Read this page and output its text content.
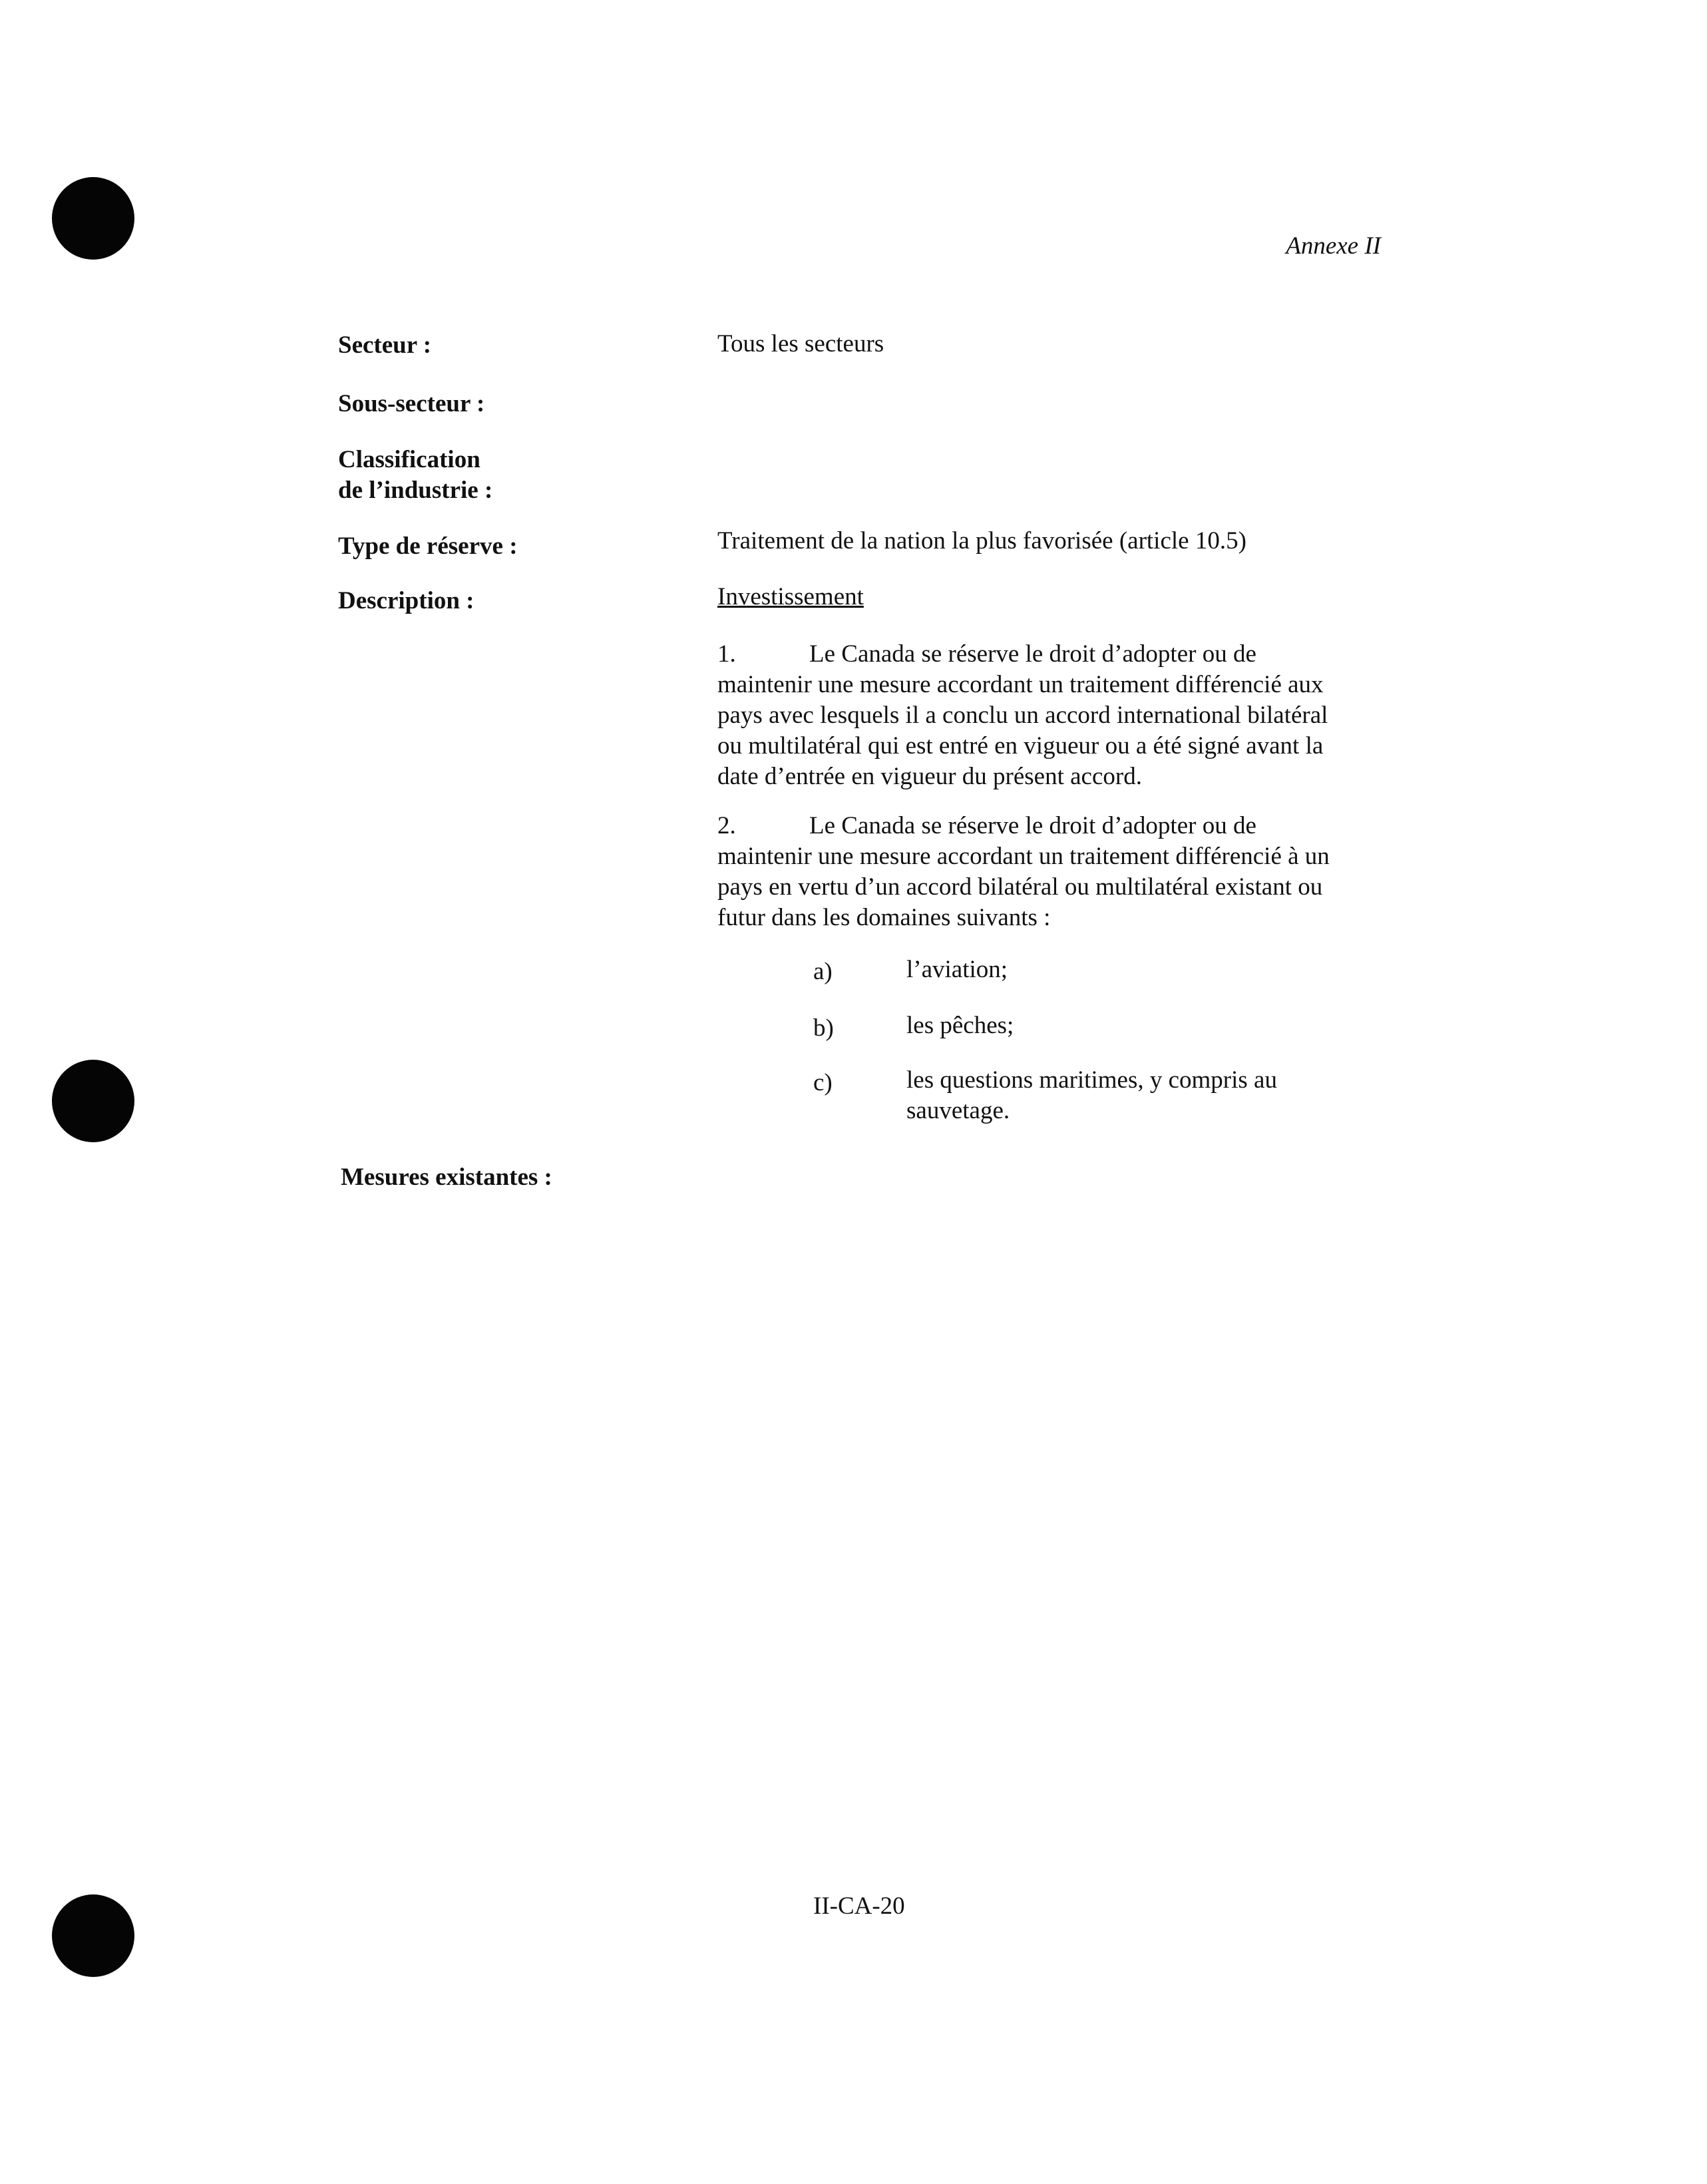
Annexe II
Secteur :	Tous les secteurs
Sous-secteur :
Classification
de l’industrie :
Type de réserve :	Traitement de la nation la plus favorisée (article 10.5)
Description :	Investissement
1.	Le Canada se réserve le droit d’adopter ou de
maintenir une mesure accordant un traitement différencié aux
pays avec lesquels il a conclu un accord international bilatéral
ou multilatéral qui est entré en vigueur ou a été signé avant la
date d’entrée en vigueur du présent accord.
2.	Le Canada se réserve le droit d’adopter ou de
maintenir une mesure accordant un traitement différencié à un
pays en vertu d’un accord bilatéral ou multilatéral existant ou
futur dans les domaines suivants :
a)	l’aviation;
b)	les pêches;
c)	les questions maritimes, y compris au
sauvetage.
Mesures existantes :
II-CA-20
